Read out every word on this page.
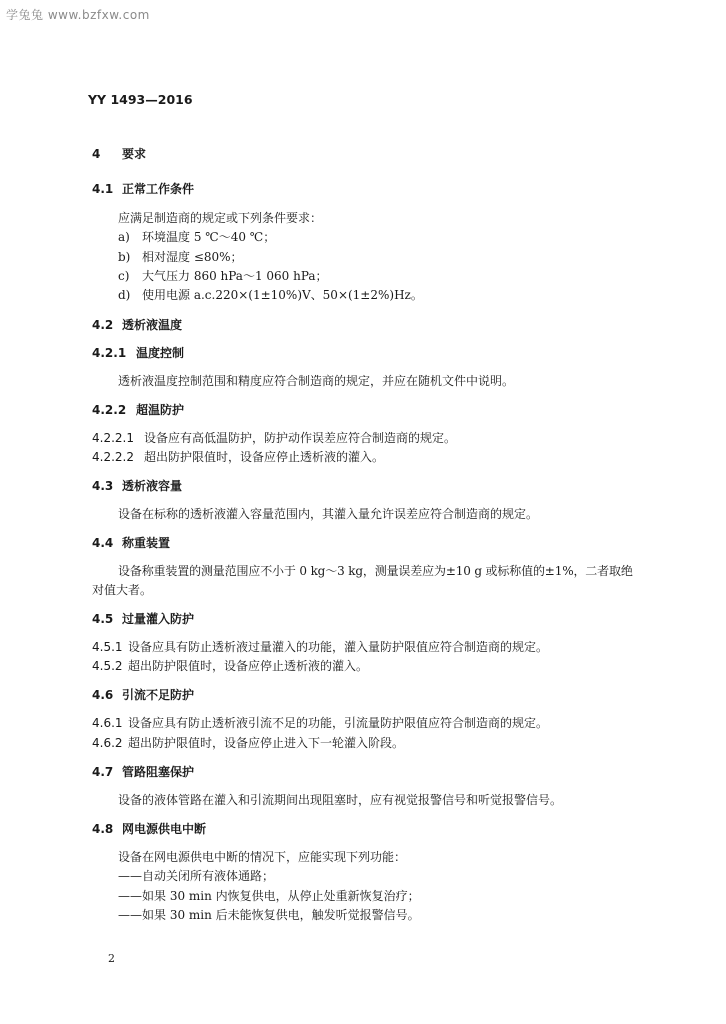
学兔兔 www.bzfxw.com
YY 1493—2016
4 要求
4.1 正常工作条件
应满足制造商的规定或下列条件要求：
a) 环境温度 5 ℃～40 ℃；
b) 相对湿度 ≤80%；
c) 大气压力 860 hPa～1 060 hPa；
d) 使用电源 a.c.220×(1±10%)V、50×(1±2%)Hz。
4.2 透析液温度
4.2.1 温度控制
透析液温度控制范围和精度应符合制造商的规定，并应在随机文件中说明。
4.2.2 超温防护
4.2.2.1 设备应有高低温防护，防护动作误差应符合制造商的规定。
4.2.2.2 超出防护限值时，设备应停止透析液的灌入。
4.3 透析液容量
设备在标称的透析液灌入容量范围内，其灌入量允许误差应符合制造商的规定。
4.4 称重装置
设备称重装置的测量范围应不小于 0 kg～3 kg，测量误差应为±10 g 或标称值的±1%，二者取绝
对值大者。
4.5 过量灌入防护
4.5.1 设备应具有防止透析液过量灌入的功能，灌入量防护限值应符合制造商的规定。
4.5.2 超出防护限值时，设备应停止透析液的灌入。
4.6 引流不足防护
4.6.1 设备应具有防止透析液引流不足的功能，引流量防护限值应符合制造商的规定。
4.6.2 超出防护限值时，设备应停止进入下一轮灌入阶段。
4.7 管路阻塞保护
设备的液体管路在灌入和引流期间出现阻塞时，应有视觉报警信号和听觉报警信号。
4.8 网电源供电中断
设备在网电源供电中断的情况下，应能实现下列功能：
——自动关闭所有液体通路；
——如果 30 min 内恢复供电，从停止处重新恢复治疗；
——如果 30 min 后未能恢复供电，触发听觉报警信号。
2
